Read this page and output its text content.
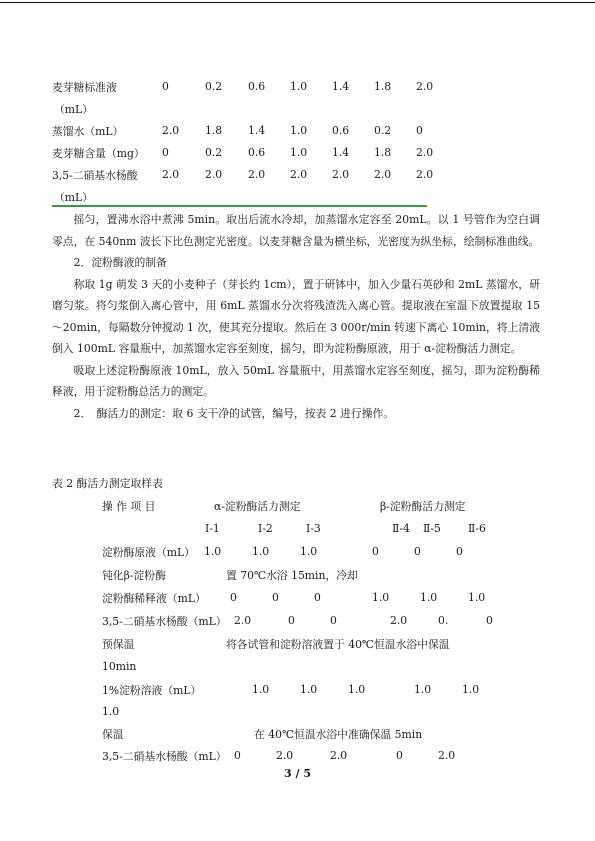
麦芽糖标准液	0	0.2 0.6 1.0 1.4 1.8 2.0
（mL）
蒸馏水（mL）	2.0 1.8 1.4 1.0 0.6 0.2 0
麦芽糖含量（mg） 0	0.2 0.6 1.0 1.4 1.8 2.0
3,5-二硝基水杨酸 2.0 2.0 2.0 2.0 2.0 2.0 2.0
（mL）

摇匀，置沸水浴中煮沸 5min。取出后流水冷却，加蒸馏水定容至 20mL。以 1 号管作为空白调零点，在 540nm 波长下比色测定光密度。以麦芽糖含量为横坐标，光密度为纵坐标，绘制标准曲线。

2．淀粉酶液的制备

称取 1g 萌发 3 天的小麦种子（芽长约 1cm），置于研钵中，加入少量石英砂和 2mL 蒸馏水，研磨匀浆。将匀浆倒入离心管中，用 6mL 蒸馏水分次将残渣洗入离心管。提取液在室温下放置提取 15～20min，每隔数分钟搅动 1 次，使其充分提取。然后在 3 000r/min 转速下离心 10min，将上清液倒入 100mL 容量瓶中，加蒸馏水定容至刻度，摇匀，即为淀粉酶原液，用于 α-淀粉酶活力测定。

吸取上述淀粉酶原液 10mL，放入 50mL 容量瓶中，用蒸馏水定容至刻度，摇匀，即为淀粉酶稀释液，用于淀粉酶总活力的测定。

2．　酶活力的测定：取 6 支干净的试管，编号，按表 2 进行操作。

表 2 酶活力测定取样表
操 作 项 目	α-淀粉酶活力测定	β-淀粉酶活力测定
Ⅰ-1	Ⅰ-2	Ⅰ-3	Ⅱ-4 Ⅱ-5	Ⅱ-6
淀粉酶原液（mL） 1.0	1.0	1.0	0	0	0
钝化β-淀粉酶	置 70℃水浴 15min，冷却
淀粉酶稀释液（mL） 0	0	0	1.0	1.0	1.0
3,5-二硝基水杨酸（mL） 2.0	0	0	2.0	0.	0
预保温	将各试管和淀粉溶液置于 40℃恒温水浴中保温
10min
1%淀粉溶液（mL）	1.0	1.0	1.0	1.0	1.0
1.0
保温	在 40℃恒温水浴中准确保温 5min
3,5-二硝基水杨酸（mL） 0	2.0	2.0	0	2.0
3 / 5
